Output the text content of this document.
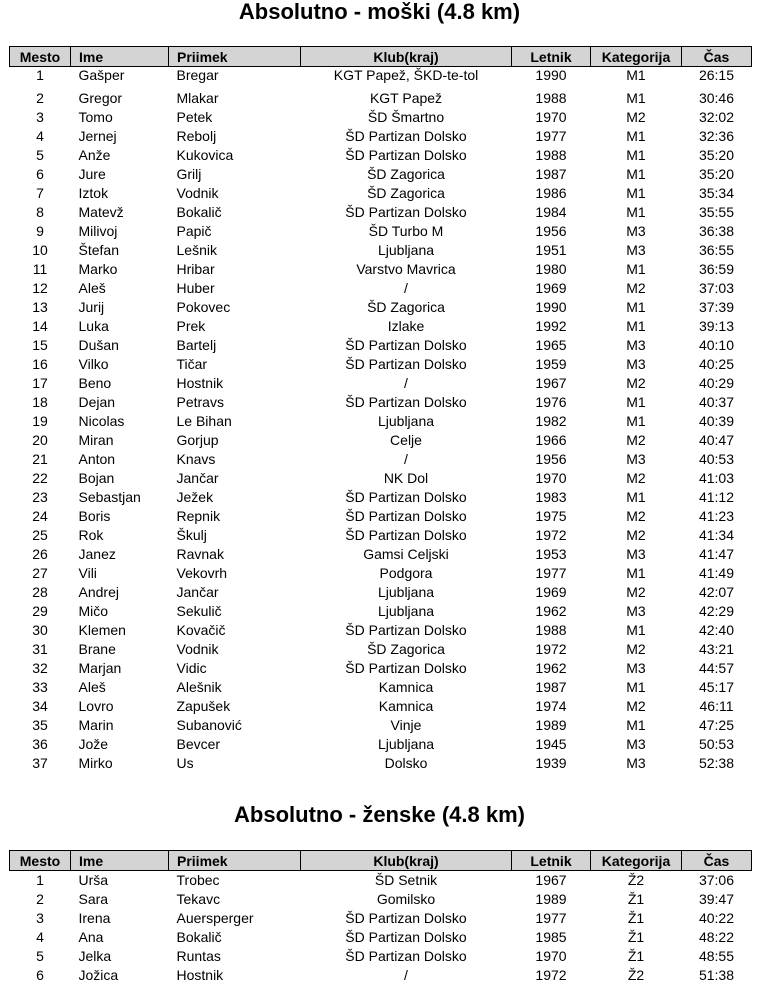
Absolutno - moški (4.8 km)
Mesto	Ime	Priimek	Klub(kraj)	Letnik	Kategorija	Čas
1	Gašper	Bregar	KGT Papež, ŠKD-te-tol	1990	M1	26:15
2	Gregor	Mlakar	KGT Papež	1988	M1	30:46
3	Tomo	Petek	ŠD Šmartno	1970	M2	32:02
4	Jernej	Rebolj	ŠD Partizan Dolsko	1977	M1	32:36
5	Anže	Kukovica	ŠD Partizan Dolsko	1988	M1	35:20
6	Jure	Grilj	ŠD Zagorica	1987	M1	35:20
7	Iztok	Vodnik	ŠD Zagorica	1986	M1	35:34
8	Matevž	Bokalič	ŠD Partizan Dolsko	1984	M1	35:55
9	Milivoj	Papič	ŠD Turbo M	1956	M3	36:38
10	Štefan	Lešnik	Ljubljana	1951	M3	36:55
11	Marko	Hribar	Varstvo Mavrica	1980	M1	36:59
12	Aleš	Huber	/	1969	M2	37:03
13	Jurij	Pokovec	ŠD Zagorica	1990	M1	37:39
14	Luka	Prek	Izlake	1992	M1	39:13
15	Dušan	Bartelj	ŠD Partizan Dolsko	1965	M3	40:10
16	Vilko	Tičar	ŠD Partizan Dolsko	1959	M3	40:25
17	Beno	Hostnik	/	1967	M2	40:29
18	Dejan	Petravs	ŠD Partizan Dolsko	1976	M1	40:37
19	Nicolas	Le Bihan	Ljubljana	1982	M1	40:39
20	Miran	Gorjup	Celje	1966	M2	40:47
21	Anton	Knavs	/	1956	M3	40:53
22	Bojan	Jančar	NK Dol	1970	M2	41:03
23	Sebastjan	Ježek	ŠD Partizan Dolsko	1983	M1	41:12
24	Boris	Repnik	ŠD Partizan Dolsko	1975	M2	41:23
25	Rok	Škulj	ŠD Partizan Dolsko	1972	M2	41:34
26	Janez	Ravnak	Gamsi Celjski	1953	M3	41:47
27	Vili	Vekovrh	Podgora	1977	M1	41:49
28	Andrej	Jančar	Ljubljana	1969	M2	42:07
29	Mičo	Sekulič	Ljubljana	1962	M3	42:29
30	Klemen	Kovačič	ŠD Partizan Dolsko	1988	M1	42:40
31	Brane	Vodnik	ŠD Zagorica	1972	M2	43:21
32	Marjan	Vidic	ŠD Partizan Dolsko	1962	M3	44:57
33	Aleš	Alešnik	Kamnica	1987	M1	45:17
34	Lovro	Zapušek	Kamnica	1974	M2	46:11
35	Marin	Subanović	Vinje	1989	M1	47:25
36	Jože	Bevcer	Ljubljana	1945	M3	50:53
37	Mirko	Us	Dolsko	1939	M3	52:38
Absolutno - ženske (4.8 km)
Mesto	Ime	Priimek	Klub(kraj)	Letnik	Kategorija	Čas
1	Urša	Trobec	ŠD Setnik	1967	Ž2	37:06
2	Sara	Tekavc	Gomilsko	1989	Ž1	39:47
3	Irena	Auersperger	ŠD Partizan Dolsko	1977	Ž1	40:22
4	Ana	Bokalič	ŠD Partizan Dolsko	1985	Ž1	48:22
5	Jelka	Runtas	ŠD Partizan Dolsko	1970	Ž1	48:55
6	Jožica	Hostnik	/	1972	Ž2	51:38
